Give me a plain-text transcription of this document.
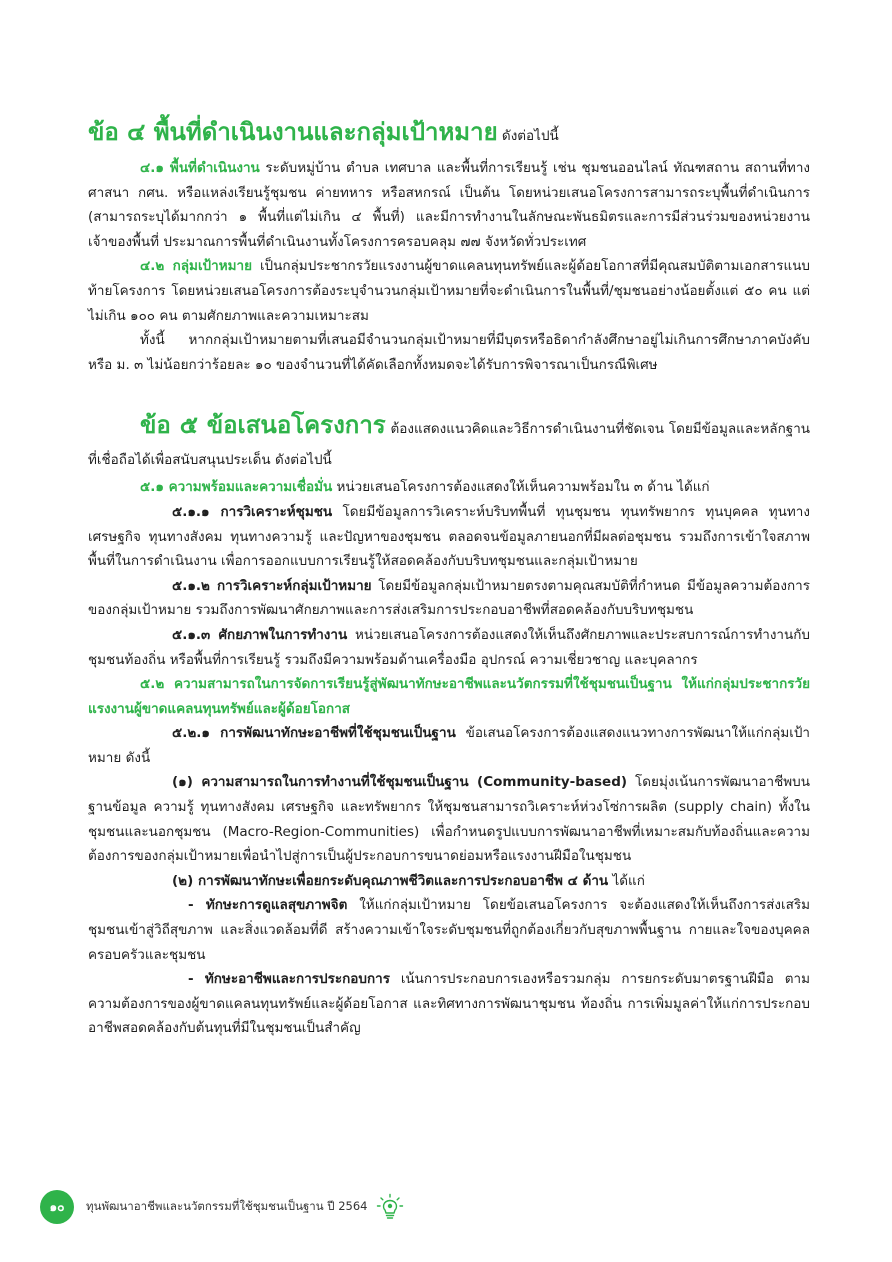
ข้อ ๔ พื้นที่ดำเนินงานและกลุ่มเป้าหมาย ดังต่อไปนี้

๔.๑ พื้นที่ดำเนินงาน ระดับหมู่บ้าน ตำบล เทศบาล และพื้นที่การเรียนรู้ เช่น ชุมชนออนไลน์ ทัณฑสถาน สถานที่ทางศาสนา กศน. หรือแหล่งเรียนรู้ชุมชน ค่ายทหาร หรือสหกรณ์ เป็นต้น โดยหน่วยเสนอโครงการสามารถระบุพื้นที่ดำเนินการ (สามารถระบุได้มากกว่า ๑ พื้นที่แต่ไม่เกิน ๔ พื้นที่) และมีการทำงานในลักษณะพันธมิตรและการมีส่วนร่วมของหน่วยงานเจ้าของพื้นที่ ประมาณการพื้นที่ดำเนินงานทั้งโครงการครอบคลุม ๗๗ จังหวัดทั่วประเทศ

๔.๒ กลุ่มเป้าหมาย เป็นกลุ่มประชากรวัยแรงงานผู้ขาดแคลนทุนทรัพย์และผู้ด้อยโอกาสที่มีคุณสมบัติตามเอกสารแนบท้ายโครงการ โดยหน่วยเสนอโครงการต้องระบุจำนวนกลุ่มเป้าหมายที่จะดำเนินการในพื้นที่/ชุมชนอย่างน้อยตั้งแต่ ๕๐ คน แต่ไม่เกิน ๑๐๐ คน ตามศักยภาพและความเหมาะสม

ทั้งนี้ หากกลุ่มเป้าหมายตามที่เสนอมีจำนวนกลุ่มเป้าหมายที่มีบุตรหรือธิดากำลังศึกษาอยู่ไม่เกินการศึกษาภาคบังคับหรือ ม. ๓ ไม่น้อยกว่าร้อยละ ๑๐ ของจำนวนที่ได้คัดเลือกทั้งหมดจะได้รับการพิจารณาเป็นกรณีพิเศษ

ข้อ ๕ ข้อเสนอโครงการ ต้องแสดงแนวคิดและวิธีการดำเนินงานที่ชัดเจน โดยมีข้อมูลและหลักฐานที่เชื่อถือได้เพื่อสนับสนุนประเด็น ดังต่อไปนี้

๕.๑ ความพร้อมและความเชื่อมั่น หน่วยเสนอโครงการต้องแสดงให้เห็นความพร้อมใน ๓ ด้าน ได้แก่

๕.๑.๑ การวิเคราะห์ชุมชน โดยมีข้อมูลการวิเคราะห์บริบทพื้นที่ ทุนชุมชน ทุนทรัพยากร ทุนบุคคล ทุนทางเศรษฐกิจ ทุนทางสังคม ทุนทางความรู้ และปัญหาของชุมชน ตลอดจนข้อมูลภายนอกที่มีผลต่อชุมชน รวมถึงการเข้าใจสภาพพื้นที่ในการดำเนินงาน เพื่อการออกแบบการเรียนรู้ให้สอดคล้องกับบริบทชุมชนและกลุ่มเป้าหมาย

๕.๑.๒ การวิเคราะห์กลุ่มเป้าหมาย โดยมีข้อมูลกลุ่มเป้าหมายตรงตามคุณสมบัติที่กำหนด มีข้อมูลความต้องการของกลุ่มเป้าหมาย รวมถึงการพัฒนาศักยภาพและการส่งเสริมการประกอบอาชีพที่สอดคล้องกับบริบทชุมชน

๕.๑.๓ ศักยภาพในการทำงาน หน่วยเสนอโครงการต้องแสดงให้เห็นถึงศักยภาพและประสบการณ์การทำงานกับชุมชนท้องถิ่น หรือพื้นที่การเรียนรู้ รวมถึงมีความพร้อมด้านเครื่องมือ อุปกรณ์ ความเชี่ยวชาญ และบุคลากร

๕.๒ ความสามารถในการจัดการเรียนรู้สู่พัฒนาทักษะอาชีพและนวัตกรรมที่ใช้ชุมชนเป็นฐาน ให้แก่กลุ่มประชากรวัยแรงงานผู้ขาดแคลนทุนทรัพย์และผู้ด้อยโอกาส

๕.๒.๑ การพัฒนาทักษะอาชีพที่ใช้ชุมชนเป็นฐาน ข้อเสนอโครงการต้องแสดงแนวทางการพัฒนาให้แก่กลุ่มเป้าหมาย ดังนี้

(๑) ความสามารถในการทำงานที่ใช้ชุมชนเป็นฐาน (Community-based) โดยมุ่งเน้นการพัฒนาอาชีพบนฐานข้อมูล ความรู้ ทุนทางสังคม เศรษฐกิจ และทรัพยากร ให้ชุมชนสามารถวิเคราะห์ห่วงโซ่การผลิต (supply chain) ทั้งในชุมชนและนอกชุมชน (Macro-Region-Communities) เพื่อกำหนดรูปแบบการพัฒนาอาชีพที่เหมาะสมกับท้องถิ่นและความต้องการของกลุ่มเป้าหมายเพื่อนำไปสู่การเป็นผู้ประกอบการขนาดย่อมหรือแรงงานฝีมือในชุมชน

(๒) การพัฒนาทักษะเพื่อยกระดับคุณภาพชีวิตและการประกอบอาชีพ ๔ ด้าน ได้แก่

- ทักษะการดูแลสุขภาพจิต ให้แก่กลุ่มเป้าหมาย โดยข้อเสนอโครงการ จะต้องแสดงให้เห็นถึงการส่งเสริมชุมชนเข้าสู่วิถีสุขภาพ และสิ่งแวดล้อมที่ดี สร้างความเข้าใจระดับชุมชนที่ถูกต้องเกี่ยวกับสุขภาพพื้นฐาน กายและใจของบุคคล ครอบครัวและชุมชน

- ทักษะอาชีพและการประกอบการ เน้นการประกอบการเองหรือรวมกลุ่ม การยกระดับมาตรฐานฝีมือ ตามความต้องการของผู้ขาดแคลนทุนทรัพย์และผู้ด้อยโอกาส และทิศทางการพัฒนาชุมชน ท้องถิ่น การเพิ่มมูลค่าให้แก่การประกอบอาชีพสอดคล้องกับต้นทุนที่มีในชุมชนเป็นสำคัญ

๑๐	ทุนพัฒนาอาชีพและนวัตกรรมที่ใช้ชุมชนเป็นฐาน ปี 2564
